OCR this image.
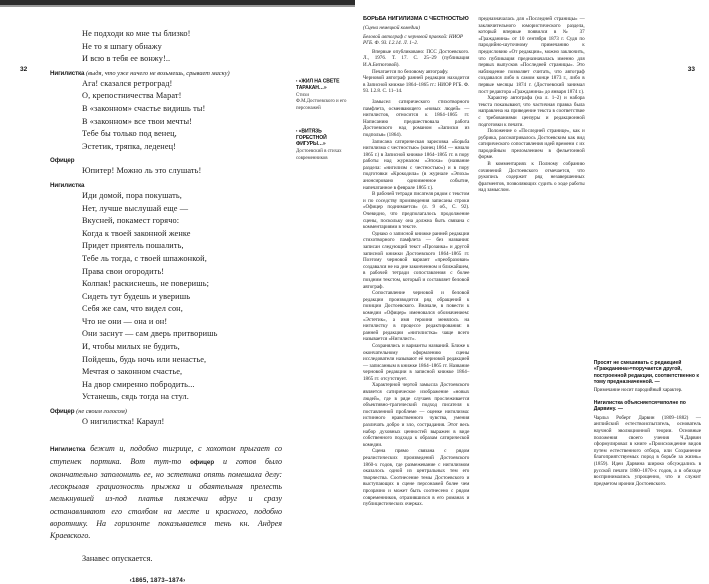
32
Не подходи ко мне ты близко!
Не то я шпагу обнажу
И всю в тебя ее вонжу!..
Нигилистка (выдя, что уже ничего не возьмешь, срывает маску)
Ага! сказался ретроград!
О, крепостничества Марат!
В «законном» счастье видишь ты!
В «законном» все твои мечты!
Тебе бы только под венец,
Эстетик, тряпка, леденец!
Офицер
Юпитер! Можно ль это слушать!
Нигилистка
Иди домой, пора покушать,
Нет, лучше выслушай еще —
Вкусней, покамест горячо:
Когда к твоей законной женке
Придет приятель пошалить,
Тебе ль тогда, с твоей шпажонкой,
Права свои огородить!
Колпак! раскиснешь, не поверишь;
Сидеть тут будешь и уверишь
Себя же сам, что видел сон,
Что не они — она и он!
Они заснут — сам дверь притворишь
И, чтобы милых не будить,
Пойдешь, будь ночь или ненастье,
Мечтая о законном счастье,
На двор смиренно побродить...
Устанешь, сядь тогда на стул.
Офицер (не своим голосом)
О нигилистка! Караул!
Нигилистка бежит и, подобно тигрице, с хохотом прыгает со ступенек портика. Вот тут-то офицер и готов было окончательно заполонить ее, но эстетика опять помешала делу: лесокрылая грациозность прыжка и обаятельная прелесть мелькнувшей из-под платья пляжечки вдруг и сразу останавливают его столбом на месте и красного, подобно воротнику. На горизонте показывается тень кн. Андрея Краевского.
Занавес опускается.
‹1865, 1873–1874›
▪ «ЖИЛ НА СВЕТЕ ТАРАКАН…»
Стихи Ф.М.Достоевского и его персонажей
▪ «ВИТЯЗЬ ГОРЕСТНОЙ ФИГУРЫ…»
Достоевский в стихах современников
33
БОРЬБА НИГИЛИЗМА С ЧЕСТНОСТЬЮ
(Сцена немецкой комедии)
Беловой автограф с черновой правкой: НИОР РГБ. Ф. 93. I.2.14. Л. 1–2.

Впервые опубликовано: ПСС Достоевского. Л., 1976. Т. 17. С. 25–29 (публикация И.А.Битюговой).

Печатается по беловому автографу.

Черновой автограф ранней редакции находится в Записной книжке 1864–1865 гг.: НИОР РГБ. Ф. 93. I.2.8. С. 11–14.

Замысел сатирического стихотворного памфлета, осмеивающего «новых людей» — нигилистов, относится к 1864–1865 гг. Написанию предшествовала работа Достоевского над романом «Записки из подполья» (1864).

Записана сатирическая зарисовка «Борьба нигилизма с честностью» (конец 1864 — начало 1865 г.) в Записной книжке 1864–1865 гг. в пору работы над журналом «Эпоха» (название раздела: «нигилизм с честностью») и в пору подготовки «Крокодила» (в журнале «Эпоха» анонсировано одноименное событие, напечатанное в феврале 1865 г.).

В рабочей тетради писателя рядом с текстом и по соседству произведения записаны строки «Офицер поднимается» (л. 9 об., С. 92). Очевидно, что предполагалось продолжение сцены, поскольку она должна быть связана с комментариями в тексте.

Однако о записной книжке ранней редакции стихотворного памфлета — без названия: записан следующий текст «Прозаика» и другой записной книжки Достоевского 1864–1865 гг. Поэтому черновой вариант «преобразован» создавался не на дне законченном и ближайшем, в рабочей тетради сопоставления с более поздним текстом, который и составляет беловой автограф.

Сопоставление черновой и беловой редакции производится ряд обращений к позиции Достоевского. Вначале, в повести к комедии «Офицер» именовался обозначением: «Эстетик», а имя героини менялось на нигилистку в процессе редактирования: в ранней редакции «нигилистка» чаще всего называется «Нигилист».

Сохранялись и варианты названий. Ближе к окончательному оформлению сцены исследователи называют её черновой редакцией — записанным в книжке 1864–1865 гг. Название черновой редакции в записной книжке 1864–1865 гг. отсутствует.

Характерной чертой замысла Достоевского является сатирическое изображение «новых людей», где в ряде случаев прослеживается объективно-трагический подход писателя к поставленной проблеме — оценке нигилизма: истинного нравственного чувства, умения различать добро и зло, сострадания. Этот весь набор духовных ценностей выражен в виде собственного подхода к образам сатирической комедии.

Сцена прямо связана с рядом реалистических произведений Достоевского 1860-х годов, где размежевание с нигилизмом оказалось одной из центральных тем его творчества. Соотнесение темы Достоевского и выступающих в сцене персонажей более чем прозрачно и может быть соотнесено с рядом современников, отразившихся в его романах и публицистических очерках.

предназначалась для «Последней страницы» — заключительного юмористического раздела, который впервые появился в № 37 «Гражданина» от 10 сентября 1873 г. Судя по пародийно-шуточному примечанию к предисловию «От редакции», можно заключить, что публикация предназначалась именно для первых выпусков «Последней страницы». Это наблюдение позволяет считать, что автограф создавался либо в самом конце 1873 г., либо в первые месяцы 1874 г. (Достоевский занимал пост редактора «Гражданина» до января 1874 г.).

Характер автографа (на л. 1–2) и набора текста показывают, что частичная правка была направлена на приведение текста в соответствие с требованиями цензуры и редакционной подготовки к печати.

Положение о «Последней странице», как и рубрика, рассматривалось Достоевским как вид сатирического сопоставления идей времени с их пародийным преломлением в фельетонной форме.

В комментариях к Полному собранию сочинений Достоевского отмечается, что рукопись содержит ряд незавершенных фрагментов, позволяющих судить о ходе работы над замыслом.

Просят не смешивать с редакцией «Гражданина»=поручается другой, построенной редакции, соответственно к тому предназначенной. —
Примечание носит пародийный характер.
Нигилистка объясняется=вполне по Дарвину. —

Чарльз Роберт Дарвин (1809–1882) — английский естествоиспытатель, основатель научной эволюционной теории. Основные положения своего учения Ч.Дарвин сформулировал в книге «Происхождение видов путем естественного отбора, или Сохранение благоприятствуемых пород в борьбе за жизнь» (1859). Идеи Дарвина широко обсуждались в русской печати 1860–1870-х годов, а в обиходе воспринимались упрощенно, что и служит предметом иронии Достоевского.
